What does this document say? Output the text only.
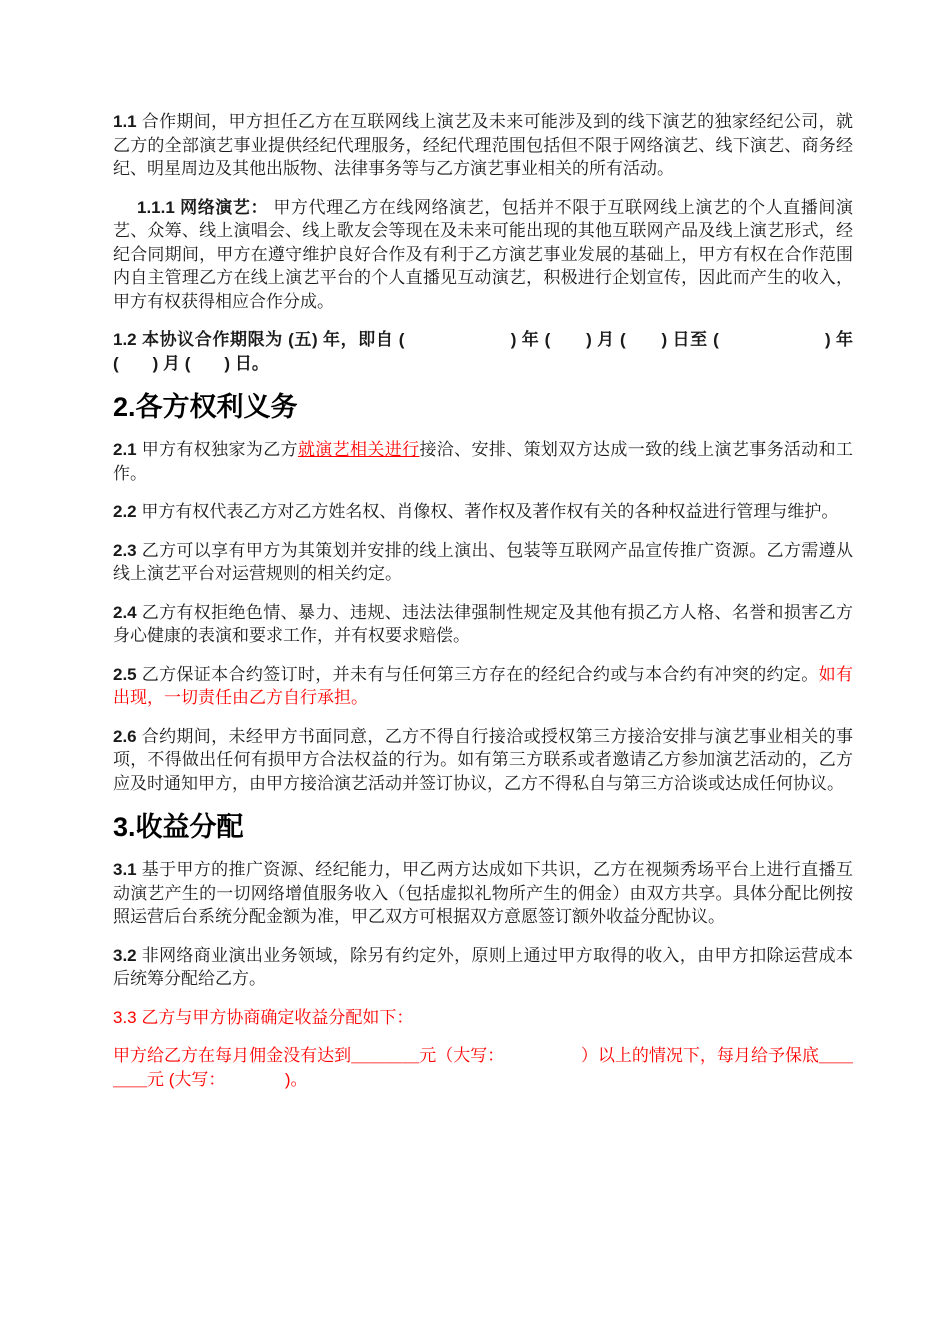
1.1 合作期间，甲方担任乙方在互联网线上演艺及未来可能涉及到的线下演艺的独家经纪公司，就乙方的全部演艺事业提供经纪代理服务，经纪代理范围包括但不限于网络演艺、线下演艺、商务经纪、明星周边及其他出版物、法律事务等与乙方演艺事业相关的所有活动。

1.1.1 网络演艺： 甲方代理乙方在线网络演艺，包括并不限于互联网线上演艺的个人直播间演艺、众筹、线上演唱会、线上歌友会等现在及未来可能出现的其他互联网产品及线上演艺形式，经纪合同期间，甲方在遵守维护良好合作及有利于乙方演艺事业发展的基础上，甲方有权在合作范围内自主管理乙方在线上演艺平台的个人直播见互动演艺，积极进行企划宣传，因此而产生的收入，甲方有权获得相应合作分成。

1.2 本协议合作期限为 (五) 年，即自 (　　　　　　) 年 (　　) 月 (　　) 日至 (　　　　　　) 年 (　　) 月 (　　) 日。

2.各方权利义务

2.1 甲方有权独家为乙方就演艺相关进行接洽、安排、策划双方达成一致的线上演艺事务活动和工作。

2.2 甲方有权代表乙方对乙方姓名权、肖像权、著作权及著作权有关的各种权益进行管理与维护。

2.3 乙方可以享有甲方为其策划并安排的线上演出、包装等互联网产品宣传推广资源。乙方需遵从线上演艺平台对运营规则的相关约定。

2.4 乙方有权拒绝色情、暴力、违规、违法法律强制性规定及其他有损乙方人格、名誉和损害乙方身心健康的表演和要求工作，并有权要求赔偿。

2.5 乙方保证本合约签订时，并未有与任何第三方存在的经纪合约或与本合约有冲突的约定。如有出现，一切责任由乙方自行承担。

2.6 合约期间，未经甲方书面同意，乙方不得自行接洽或授权第三方接洽安排与演艺事业相关的事项，不得做出任何有损甲方合法权益的行为。如有第三方联系或者邀请乙方参加演艺活动的，乙方应及时通知甲方，由甲方接洽演艺活动并签订协议，乙方不得私自与第三方洽谈或达成任何协议。

3.收益分配

3.1 基于甲方的推广资源、经纪能力，甲乙两方达成如下共识，乙方在视频秀场平台上进行直播互动演艺产生的一切网络增值服务收入（包括虚拟礼物所产生的佣金）由双方共享。具体分配比例按照运营后台系统分配金额为准，甲乙双方可根据双方意愿签订额外收益分配协议。

3.2 非网络商业演出业务领域，除另有约定外，原则上通过甲方取得的收入，由甲方扣除运营成本后统筹分配给乙方。

3.3 乙方与甲方协商确定收益分配如下：

甲方给乙方在每月佣金没有达到＿＿＿＿元（大写：　　　　　）以上的情况下，每月给予保底＿＿＿＿元 (大写：　　　　)。
